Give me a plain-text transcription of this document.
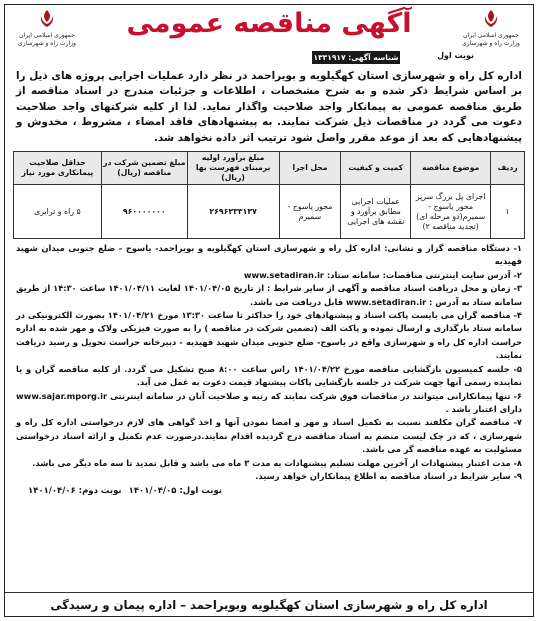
جمهوری اسلامی ایران
وزارت راه و شهرسازی
آگهی مناقصه عمومی
جمهوری اسلامی ایران
وزارت راه و شهرسازی
نوبت اول
شناسه آگهی: ۱۳۳۱۹۱۷
اداره کل راه و شهرسازی استان کهگیلویه و بویراحمد در نظر دارد عملیات اجرایی پروژه های ذیل را بر اساس شرایط ذکر شده و به شرح مشخصات ، اطلاعات و جزئیات مندرج در اسناد مناقصه از طریق مناقصه عمومی به پیمانکار واجد صلاحیت واگذار نماید. لذا از کلیه شرکتهای واجد صلاحیت دعوت می گردد در مناقصات ذیل شرکت نمایند. به پیشنهادهای فاقد امضاء ، مشروط ، مخدوش و پیشنهادهایی که بعد از موعد مقرر واصل شود ترتیب اثر داده نخواهد شد.
ردیف	موضوع مناقصه	کمیت و کیفیت	محل اجرا	مبلغ برآورد اولیه برمبنای فهرست بها (ریال)	مبلغ تضمین شرکت در مناقصه (ریال)	حداقل صلاحیت پیمانکاری مورد نیاز
۱	اجرای پل بزرگ سرپز محور یاسوج - سمیرم(دو مرحله ای) (تجدید مناقصه ۲)	عملیات اجرایی مطابق برآورد و نقشه های اجرایی	محور یاسوج - سمیرم	۲۶۹۶۳۳۳۱۳۷	۹۶۰۰۰۰۰۰۰	۵ راه و ترابری

۱- دستگاه مناقصه گزار و نشانی: اداره کل راه و شهرسازی استان کهگیلویه و بویراحمد- یاسوج - ضلع جنوبی میدان شهید قهیدیه

۲- آدرس سایت اینترنتی مناقصات: سامانه ستاد: www.setadiran.ir

۳- زمان و محل دریافت اسناد مناقصه و آگهی از سایر شرایط : از تاریخ ۱۴۰۱/۰۴/۰۵ لغایت ۱۴۰۱/۰۴/۱۱ ساعت ۱۴:۳۰ از طریق سامانه ستاد به آدرس : www.setadiran.ir قابل دریافت می باشد.

۴- مناقصه گران می بایست پاکت اسناد و پیشنهادهای خود را حداکثر تا ساعت ۱۳:۳۰ مورخ ۱۴۰۱/۰۴/۲۱ بصورت الکترونیکی در سامانه ستاد بارگذاری و ارسال نموده و پاکت الف (تضمین شرکت در مناقصه ) را به صورت فیزیکی ولاک و مهر شده به اداره حراست اداره کل راه و شهرسازی واقع در یاسوج- ضلع جنوبی میدان شهید قهیدیه - دبیرخانه حراست تحویل و رسید دریافت نمایند.

۵- جلسه کمیسیون بازگشایی مناقصه مورخ ۱۴۰۱/۰۴/۲۲ راس ساعت ۸:۰۰ صبح تشکیل می گردد. از کلیه مناقصه گران و یا نماینده رسمی آنها جهت شرکت در جلسه بازگشایی پاکات پیشنهاد قیمت دعوت به عمل می آید.

۶- تنها پیمانکارانی میتوانند در مناقصات فوق شرکت نمایند که رتبه و صلاحیت آنان در سامانه اینترنتی www.sajar.mporg.ir دارای اعتبار باشد .

۷- مناقصه گران مکلفند نسبت به تکمیل اسناد و مهر و امضا نمودن آنها و اخذ گواهی های لازم درخواستی اداره کل راه و شهرسازی ، که در چک لیست منضم به اسناد مناقصه درج گردیده اقدام نمایند.درصورت عدم تکمیل و ارائه اسناد درخواستی مسئولیت به عهده مناقصه گر می باشد.

۸- مدت اعتبار پیشنهادات از آخرین مهلت تسلیم پیشنهادات به مدت ۳ ماه می باشد و قابل تمدید تا سه ماه دیگر می باشد.

۹- سایر شرایط در اسناد مناقصه به اطلاع پیمانکاران خواهد رسید.

نوبت اول: ۱۴۰۱/۰۴/۰۵
نوبت دوم: ۱۴۰۱/۰۴/۰۶
اداره کل راه و شهرسازی استان کهگیلویه وبویراحمد – اداره پیمان و رسیدگی
